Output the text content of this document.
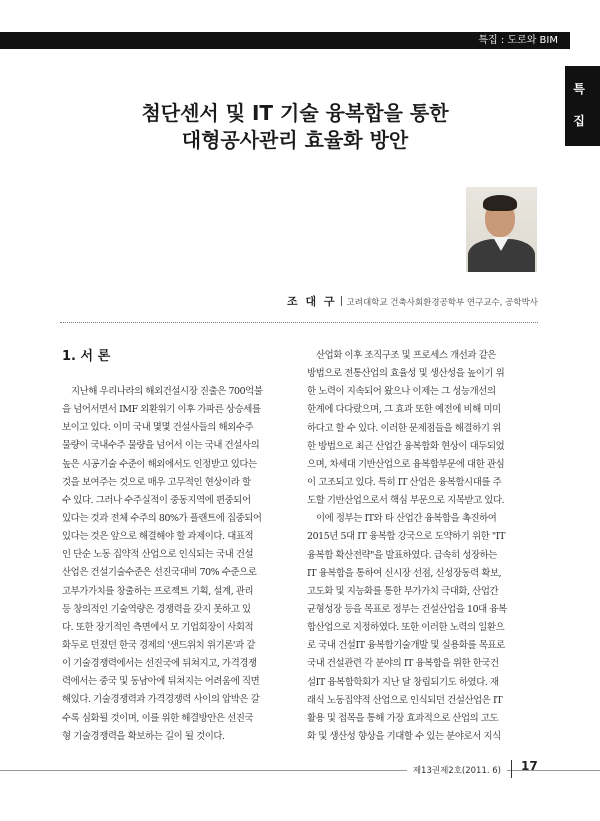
특집 : 도로와 BIM
특
집
첨단센서 및 IT 기술 융복합을 통한
대형공사관리 효율화 방안
조 대 구 고려대학교 건축사회환경공학부 연구교수, 공학박사
1. 서 론
지난해 우리나라의 해외건설시장 진출은 700억불
을 넘어서면서 IMF 외환위기 이후 가파른 상승세를
보이고 있다. 이미 국내 몇몇 건설사들의 해외수주
물량이 국내수주 물량을 넘어서 이는 국내 건설사의
높은 시공기술 수준이 해외에서도 인정받고 있다는
것을 보여주는 것으로 매우 고무적인 현상이라 할
수 있다. 그러나 수주실적이 중동지역에 편중되어
있다는 것과 전체 수주의 80%가 플랜트에 집중되어
있다는 것은 앞으로 해결해야 할 과제이다. 대표적
인 단순 노동 집약적 산업으로 인식되는 국내 건설
산업은 건설기술수준은 선진국대비 70% 수준으로
고부가가치를 창출하는 프로젝트 기획, 설계, 관리
등 창의적인 기술역량은 경쟁력을 갖지 못하고 있
다. 또한 장기적인 측면에서 모 기업회장이 사회적
화두로 던졌던 한국 경제의 '샌드위치 위기론'과 같
이 기술경쟁력에서는 선진국에 뒤쳐지고, 가격경쟁
력에서는 중국 및 동남아에 뒤쳐지는 어려움에 직면
해있다. 기술경쟁력과 가격경쟁력 사이의 압박은 갈
수록 심화될 것이며, 이를 위한 해결방안은 선진국
형 기술경쟁력을 확보하는 길이 될 것이다.
산업화 이후 조직구조 및 프로세스 개선과 같은
방법으로 전통산업의 효율성 및 생산성을 높이기 위
한 노력이 지속되어 왔으나 이제는 그 성능개선의
한계에 다다랐으며, 그 효과 또한 예전에 비해 미미
하다고 할 수 있다. 이러한 문제점들을 해결하기 위
한 방법으로 최근 산업간 융복합화 현상이 대두되었
으며, 차세대 기반산업으로 융복합부문에 대한 관심
이 고조되고 있다. 특히 IT 산업은 융복합시대를 주
도할 기반산업으로서 핵심 부문으로 지목받고 있다.
이에 정부는 IT와 타 산업간 융복합을 촉진하여
2015년 5대 IT 융복합 강국으로 도약하기 위한 "IT
융복합 확산전략"을 발표하였다. 급속히 성장하는
IT 융복합을 통하여 신시장 선점, 신성장동력 확보,
고도화 및 지능화를 통한 부가가치 극대화, 산업간
균형성장 등을 목표로 정부는 건설산업을 10대 융복
합산업으로 지정하였다. 또한 이러한 노력의 일환으
로 국내 건설IT 융복합기술개발 및 실용화를 목표로
국내 건설관련 각 분야의 IT 융복합을 위한 한국건
설IT 융복합학회가 지난 달 창립되기도 하였다. 재
래식 노동집약적 산업으로 인식되던 건설산업은 IT
활용 및 접목을 통해 가장 효과적으로 산업의 고도
화 및 생산성 향상을 기대할 수 있는 분야로서 지식
제13권제2호(2011. 6)	17
